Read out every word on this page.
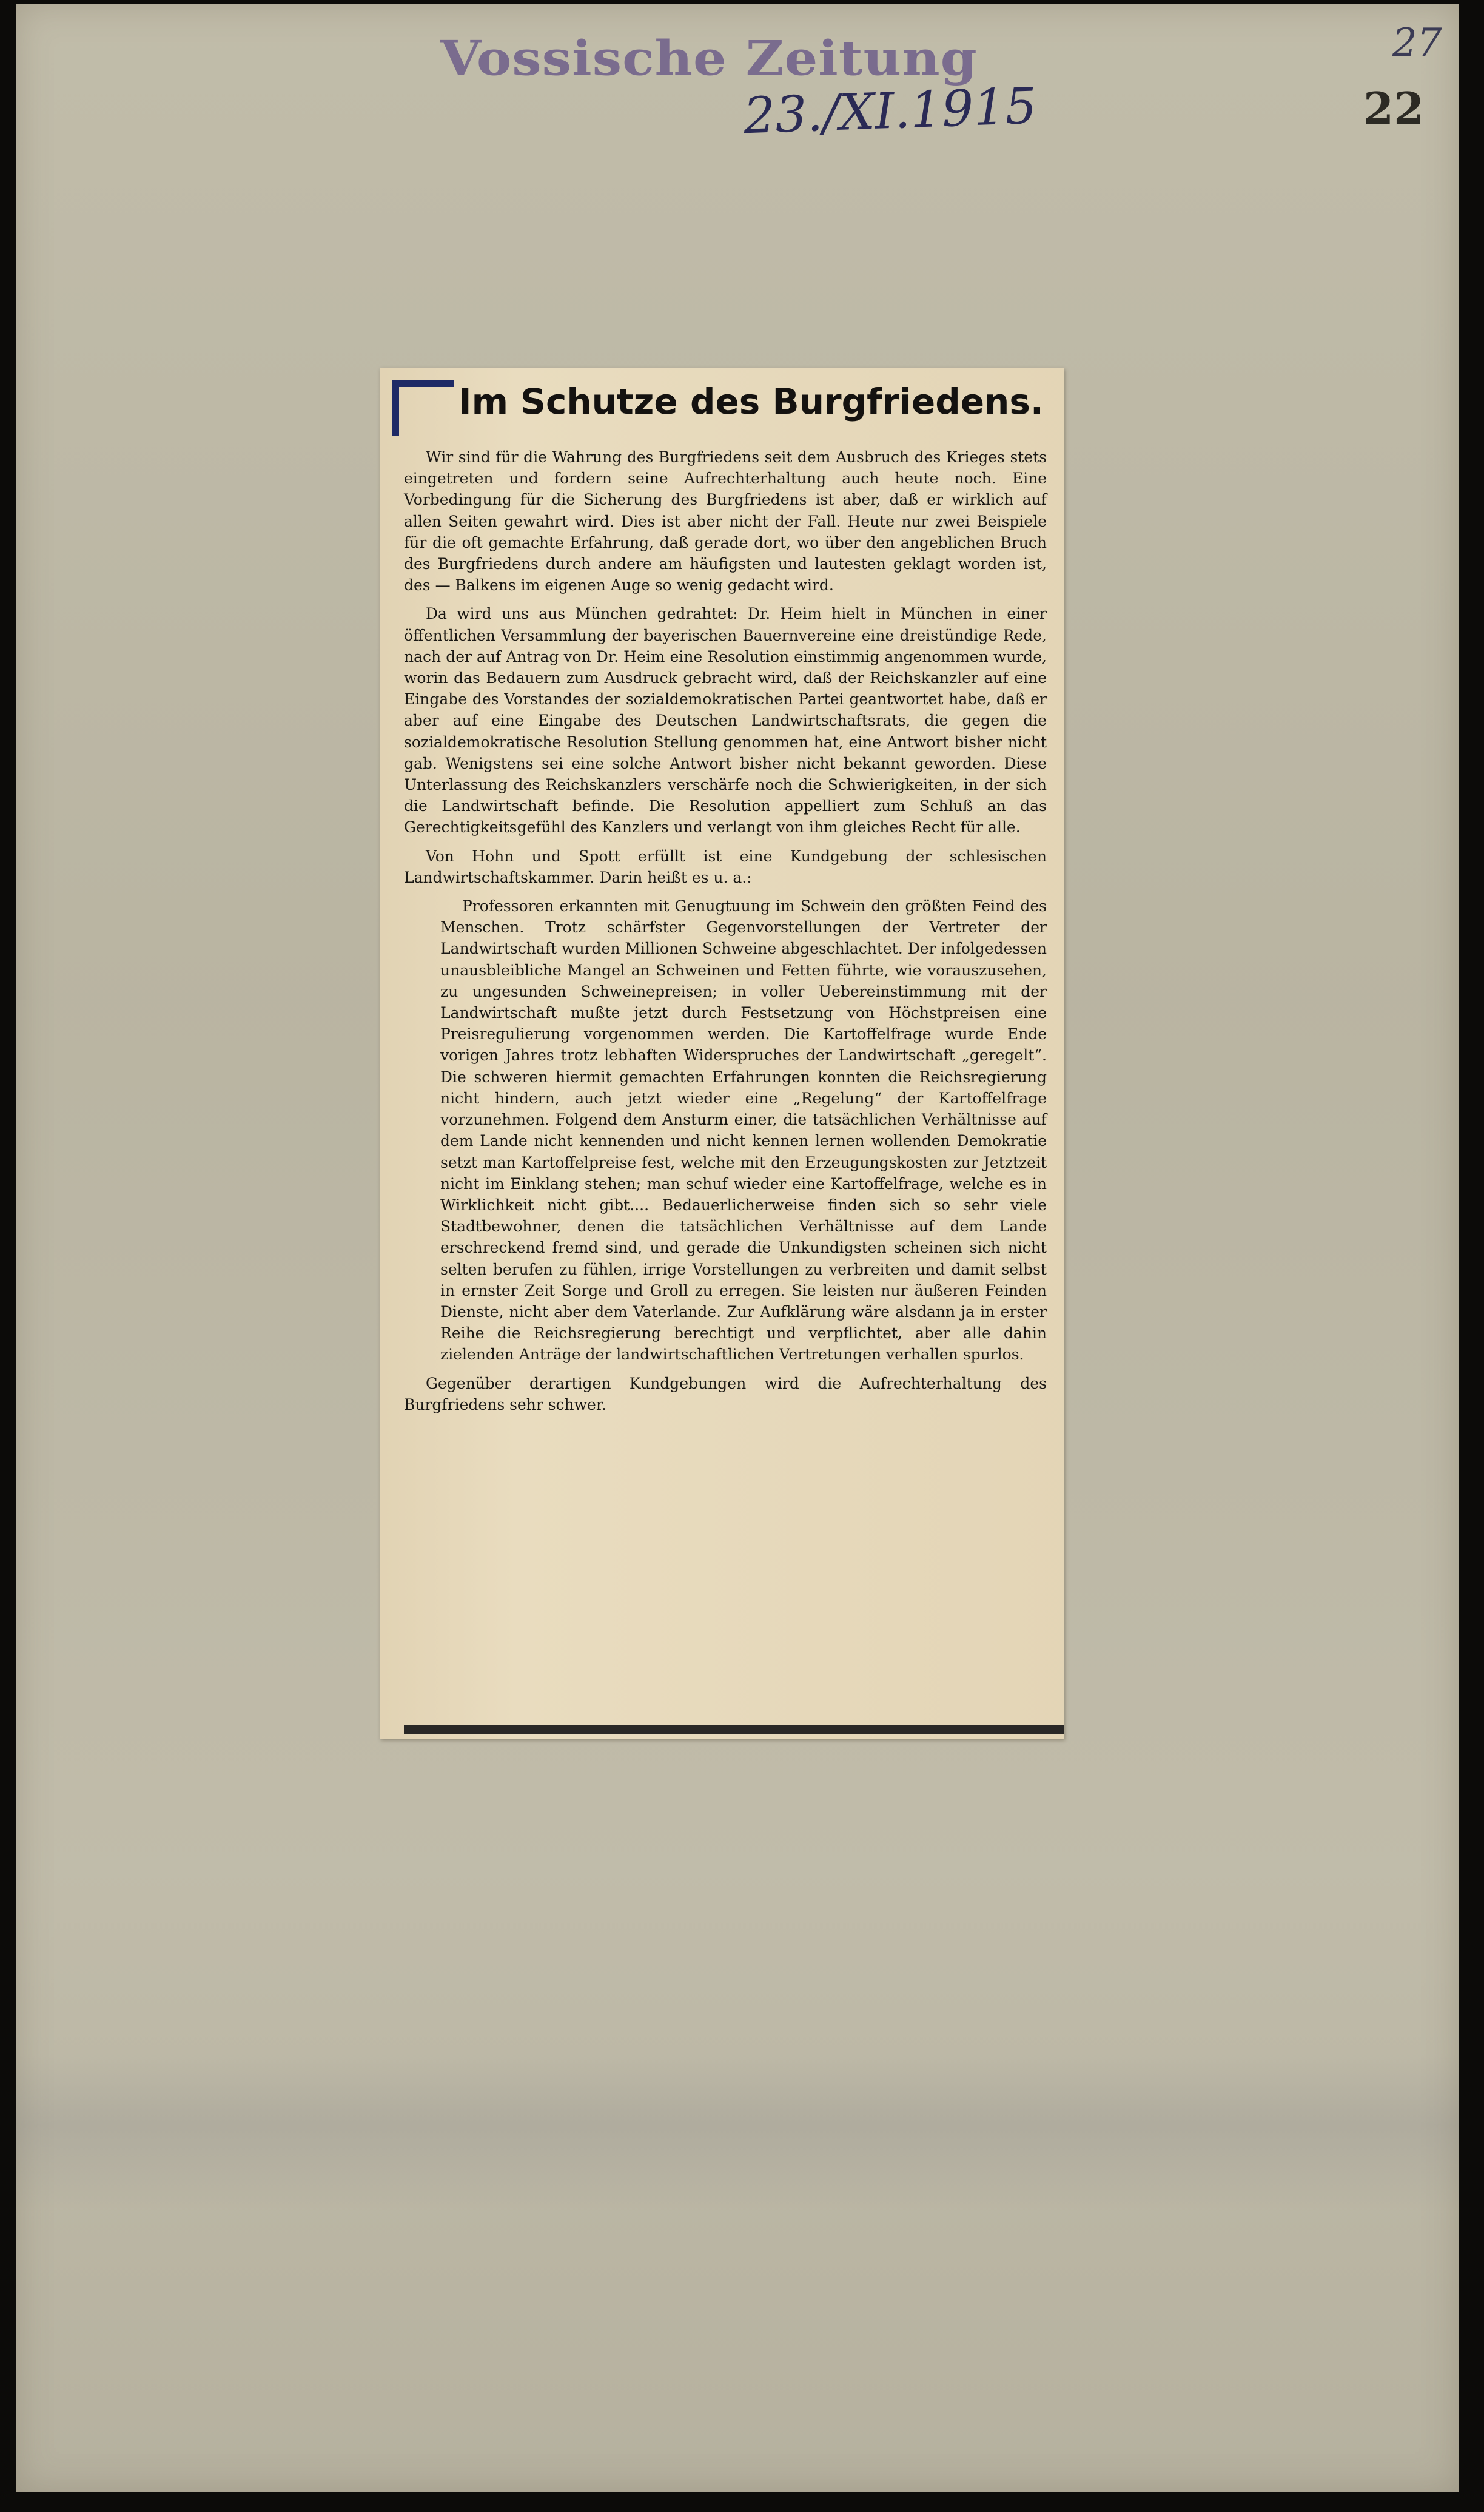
Vossische Zeitung
23./XI.1915
27
22
Im Schutze des Burgfriedens.

Wir sind für die Wahrung des Burgfriedens seit dem Ausbruch des Krieges stets eingetreten und fordern seine Aufrechterhaltung auch heute noch. Eine Vorbedingung für die Sicherung des Burgfriedens ist aber, daß er wirklich auf allen Seiten gewahrt wird. Dies ist aber nicht der Fall. Heute nur zwei Beispiele für die oft gemachte Erfahrung, daß gerade dort, wo über den angeblichen Bruch des Burgfriedens durch andere am häufigsten und lautesten geklagt worden ist, des — Balkens im eigenen Auge so wenig gedacht wird.

Da wird uns aus München gedrahtet: Dr. Heim hielt in München in einer öffentlichen Versammlung der bayerischen Bauernvereine eine dreistündige Rede, nach der auf Antrag von Dr. Heim eine Resolution einstimmig angenommen wurde, worin das Bedauern zum Ausdruck gebracht wird, daß der Reichskanzler auf eine Eingabe des Vorstandes der sozialdemokratischen Partei geantwortet habe, daß er aber auf eine Eingabe des Deutschen Landwirtschaftsrats, die gegen die sozialdemokratische Resolution Stellung genommen hat, eine Antwort bisher nicht gab. Wenigstens sei eine solche Antwort bisher nicht bekannt geworden. Diese Unterlassung des Reichskanzlers verschärfe noch die Schwierigkeiten, in der sich die Landwirtschaft befinde. Die Resolution appelliert zum Schluß an das Gerechtigkeitsgefühl des Kanzlers und verlangt von ihm gleiches Recht für alle.

Von Hohn und Spott erfüllt ist eine Kundgebung der schlesischen Landwirtschaftskammer. Darin heißt es u. a.:

Professoren erkannten mit Genugtuung im Schwein den größten Feind des Menschen. Trotz schärfster Gegenvorstellungen der Vertreter der Landwirtschaft wurden Millionen Schweine abgeschlachtet. Der infolgedessen unausbleibliche Mangel an Schweinen und Fetten führte, wie vorauszusehen, zu ungesunden Schweinepreisen; in voller Uebereinstimmung mit der Landwirtschaft mußte jetzt durch Festsetzung von Höchstpreisen eine Preisregulierung vorgenommen werden. Die Kartoffelfrage wurde Ende vorigen Jahres trotz lebhaften Widerspruches der Landwirtschaft „geregelt“. Die schweren hiermit gemachten Erfahrungen konnten die Reichsregierung nicht hindern, auch jetzt wieder eine „Regelung“ der Kartoffelfrage vorzunehmen. Folgend dem Ansturm einer, die tatsächlichen Verhältnisse auf dem Lande nicht kennenden und nicht kennen lernen wollenden Demokratie setzt man Kartoffelpreise fest, welche mit den Erzeugungskosten zur Jetztzeit nicht im Einklang stehen; man schuf wieder eine Kartoffelfrage, welche es in Wirklichkeit nicht gibt.... Bedauerlicherweise finden sich so sehr viele Stadtbewohner, denen die tatsächlichen Verhältnisse auf dem Lande erschreckend fremd sind, und gerade die Unkundigsten scheinen sich nicht selten berufen zu fühlen, irrige Vorstellungen zu verbreiten und damit selbst in ernster Zeit Sorge und Groll zu erregen. Sie leisten nur äußeren Feinden Dienste, nicht aber dem Vaterlande. Zur Aufklärung wäre alsdann ja in erster Reihe die Reichsregierung berechtigt und verpflichtet, aber alle dahin zielenden Anträge der landwirtschaftlichen Vertretungen verhallen spurlos.

Gegenüber derartigen Kundgebungen wird die Aufrechterhaltung des Burgfriedens sehr schwer.
